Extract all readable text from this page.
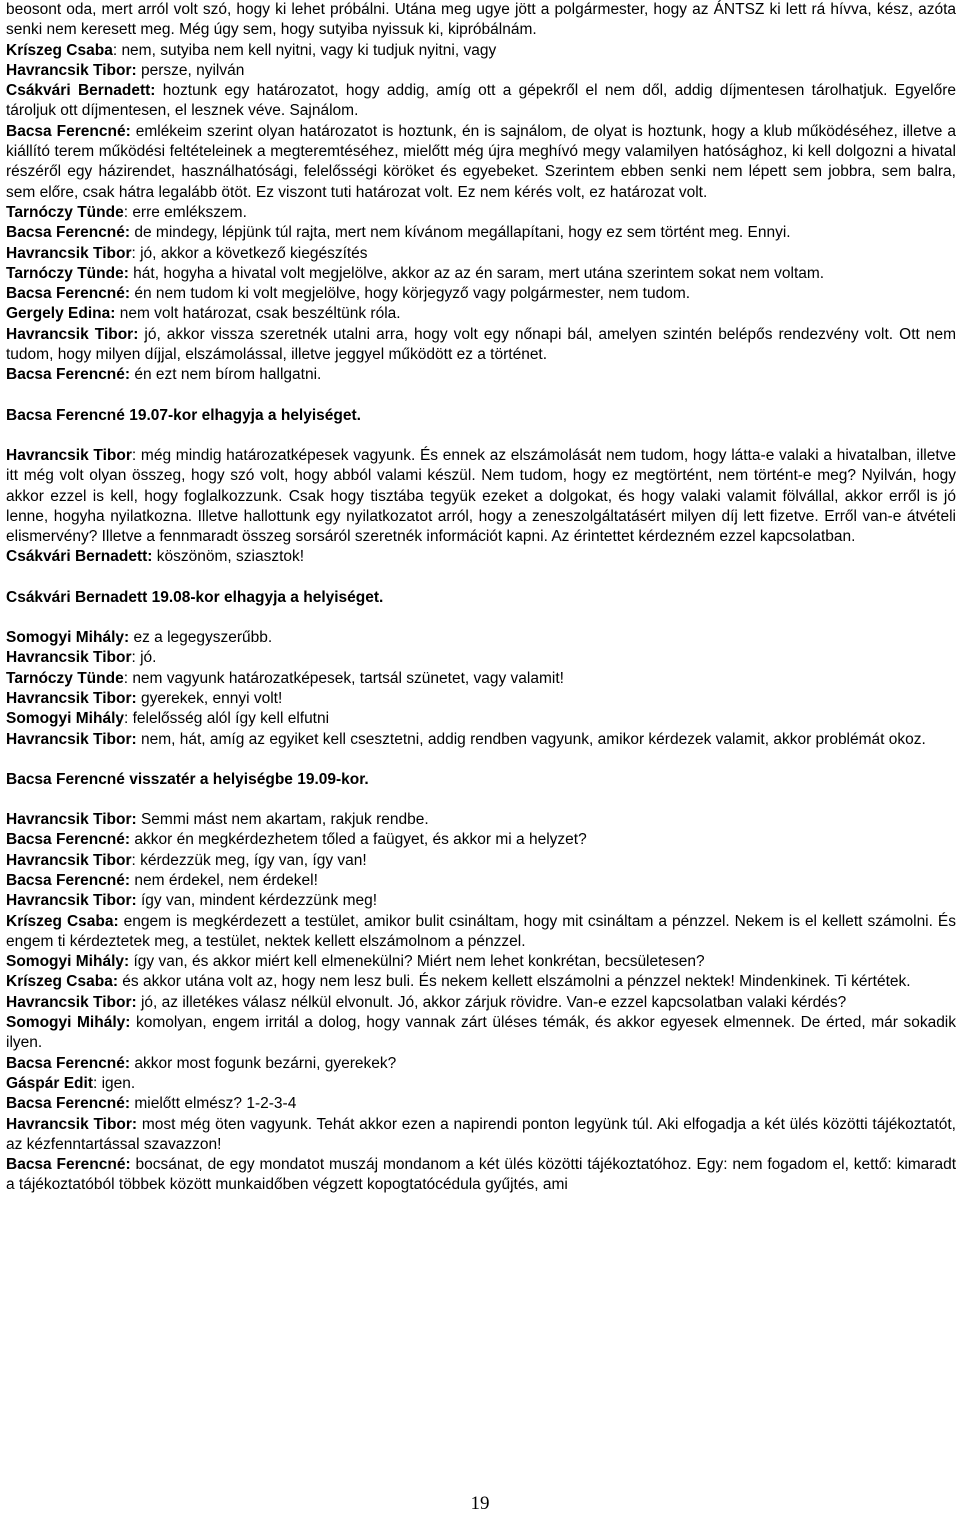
beosont oda, mert arról volt szó, hogy ki lehet próbálni. Utána meg ugye jött a polgármester, hogy az ÁNTSZ ki lett rá hívva, kész, azóta senki nem keresett meg. Még úgy sem, hogy sutyiba nyissuk ki, kipróbálnám.

Kríszeg Csaba: nem, sutyiba nem kell nyitni, vagy ki tudjuk nyitni, vagy

Havrancsik Tibor: persze, nyilván

Csákvári Bernadett: hoztunk egy határozatot, hogy addig, amíg ott a gépekről el nem dől, addig díjmentesen tárolhatjuk. Egyelőre tároljuk ott díjmentesen, el lesznek véve. Sajnálom.

Bacsa Ferencné: emlékeim szerint olyan határozatot is hoztunk, én is sajnálom, de olyat is hoztunk, hogy a klub működéséhez, illetve a kiállító terem működési feltételeinek a megteremtéséhez, mielőtt még újra meghívó megy valamilyen hatósághoz, ki kell dolgozni a hivatal részéről egy házirendet, használhatósági, felelősségi köröket és egyebeket. Szerintem ebben senki nem lépett sem jobbra, sem balra, sem előre, csak hátra legalább ötöt. Ez viszont tuti határozat volt. Ez nem kérés volt, ez határozat volt.

Tarnóczy Tünde: erre emlékszem.

Bacsa Ferencné: de mindegy, lépjünk túl rajta, mert nem kívánom megállapítani, hogy ez sem történt meg. Ennyi.

Havrancsik Tibor: jó, akkor a következő kiegészítés

Tarnóczy Tünde: hát, hogyha a hivatal volt megjelölve, akkor az az én saram, mert utána szerintem sokat nem voltam.

Bacsa Ferencné: én nem tudom ki volt megjelölve, hogy körjegyző vagy polgármester, nem tudom.

Gergely Edina: nem volt határozat, csak beszéltünk róla.

Havrancsik Tibor: jó, akkor vissza szeretnék utalni arra, hogy volt egy nőnapi bál, amelyen szintén belépős rendezvény volt. Ott nem tudom, hogy milyen díjjal, elszámolással, illetve jeggyel működött ez a történet.

Bacsa Ferencné: én ezt nem bírom hallgatni.

Bacsa Ferencné 19.07-kor elhagyja a helyiséget.

Havrancsik Tibor: még mindig határozatképesek vagyunk. És ennek az elszámolását nem tudom, hogy látta-e valaki a hivatalban, illetve itt még volt olyan összeg, hogy szó volt, hogy abból valami készül. Nem tudom, hogy ez megtörtént, nem történt-e meg? Nyilván, hogy akkor ezzel is kell, hogy foglalkozzunk. Csak hogy tisztába tegyük ezeket a dolgokat, és hogy valaki valamit fölvállal, akkor erről is jó lenne, hogyha nyilatkozna. Illetve hallottunk egy nyilatkozatot arról, hogy a zeneszolgáltatásért milyen díj lett fizetve. Erről van-e átvételi elismervény? Illetve a fennmaradt összeg sorsáról szeretnék információt kapni. Az érintettet kérdezném ezzel kapcsolatban.

Csákvári Bernadett: köszönöm, sziasztok!

Csákvári Bernadett 19.08-kor elhagyja a helyiséget.

Somogyi Mihály: ez a legegyszerűbb.

Havrancsik Tibor: jó.

Tarnóczy Tünde: nem vagyunk határozatképesek, tartsál szünetet, vagy valamit!

Havrancsik Tibor: gyerekek, ennyi volt!

Somogyi Mihály: felelősség alól így kell elfutni

Havrancsik Tibor: nem, hát, amíg az egyiket kell csesztetni, addig rendben vagyunk, amikor kérdezek valamit, akkor problémát okoz.

Bacsa Ferencné visszatér a helyiségbe 19.09-kor.

Havrancsik Tibor: Semmi mást nem akartam, rakjuk rendbe.

Bacsa Ferencné: akkor én megkérdezhetem tőled a faügyet, és akkor mi a helyzet?

Havrancsik Tibor: kérdezzük meg, így van, így van!

Bacsa Ferencné: nem érdekel, nem érdekel!

Havrancsik Tibor: így van, mindent kérdezzünk meg!

Kríszeg Csaba: engem is megkérdezett a testület, amikor bulit csináltam, hogy mit csináltam a pénzzel. Nekem is el kellett számolni. És engem ti kérdeztetek meg, a testület, nektek kellett elszámolnom a pénzzel.

Somogyi Mihály: így van, és akkor miért kell elmenekülni? Miért nem lehet konkrétan, becsületesen?

Kríszeg Csaba: és akkor utána volt az, hogy nem lesz buli. És nekem kellett elszámolni a pénzzel nektek! Mindenkinek. Ti kértétek.

Havrancsik Tibor: jó, az illetékes válasz nélkül elvonult. Jó, akkor zárjuk rövidre. Van-e ezzel kapcsolatban valaki kérdés?

Somogyi Mihály: komolyan, engem irritál a dolog, hogy vannak zárt üléses témák, és akkor egyesek elmennek. De érted, már sokadik ilyen.

Bacsa Ferencné: akkor most fogunk bezárni, gyerekek?

Gáspár Edit: igen.

Bacsa Ferencné: mielőtt elmész? 1-2-3-4

Havrancsik Tibor: most még öten vagyunk. Tehát akkor ezen a napirendi ponton legyünk túl. Aki elfogadja a két ülés közötti tájékoztatót, az kézfenntartással szavazzon!

Bacsa Ferencné: bocsánat, de egy mondatot muszáj mondanom a két ülés közötti tájékoztatóhoz. Egy: nem fogadom el, kettő: kimaradt a tájékoztatóból többek között munkaidőben végzett kopogtatócédula gyűjtés, ami

19
